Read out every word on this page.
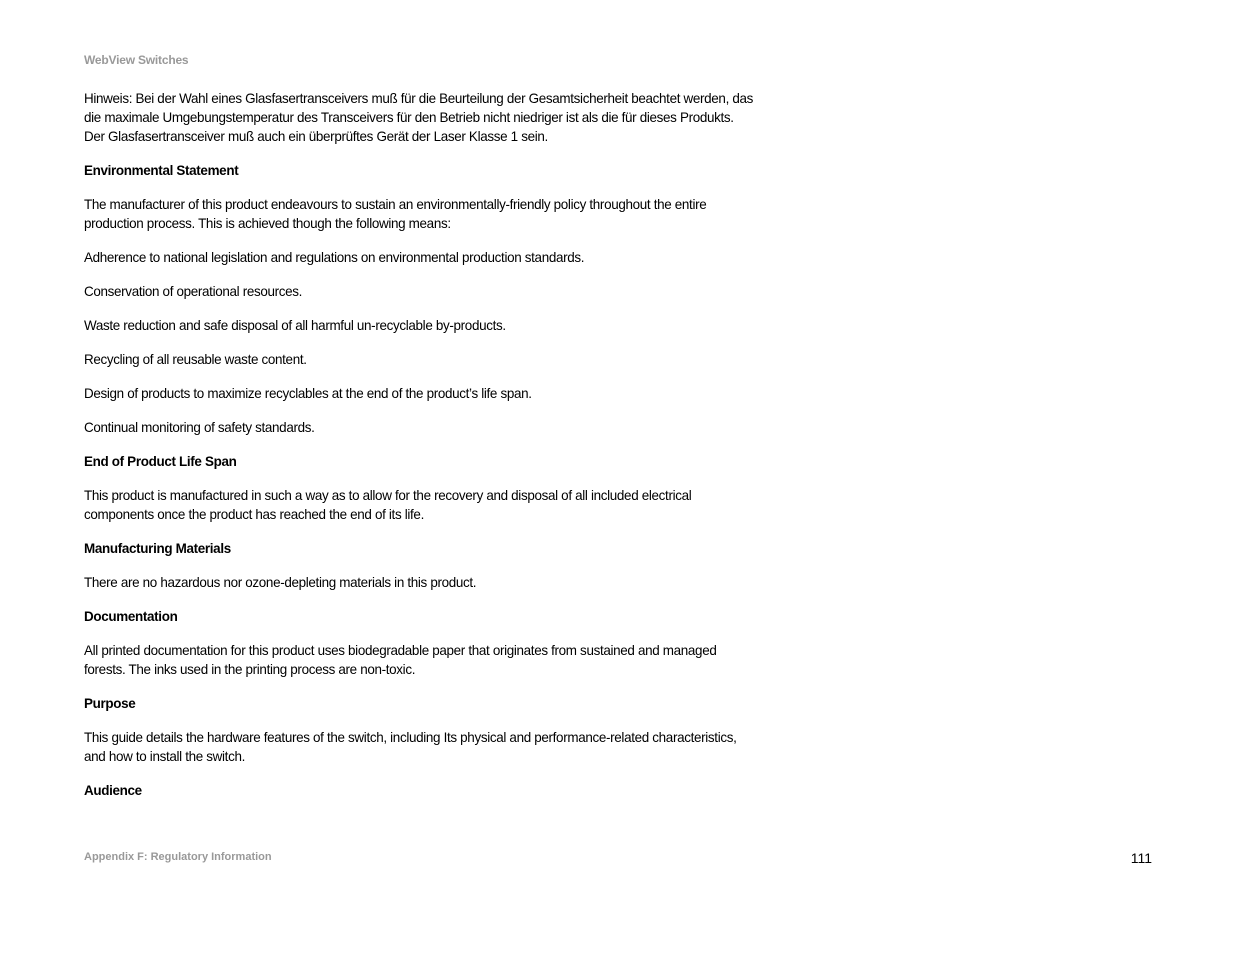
WebView Switches

Hinweis: Bei der Wahl eines Glasfasertransceivers muß für die Beurteilung der Gesamtsicherheit beachtet werden, das die maximale Umgebungstemperatur des Transceivers für den Betrieb nicht niedriger ist als die für dieses Produkts. Der Glasfasertransceiver muß auch ein überprüftes Gerät der Laser Klasse 1 sein.

Environmental Statement

The manufacturer of this product endeavours to sustain an environmentally-friendly policy throughout the entire production process. This is achieved though the following means:

Adherence to national legislation and regulations on environmental production standards.

Conservation of operational resources.

Waste reduction and safe disposal of all harmful un-recyclable by-products.

Recycling of all reusable waste content.

Design of products to maximize recyclables at the end of the product’s life span.

Continual monitoring of safety standards.

End of Product Life Span

This product is manufactured in such a way as to allow for the recovery and disposal of all included electrical components once the product has reached the end of its life.

Manufacturing Materials

There are no hazardous nor ozone-depleting materials in this product.

Documentation

All printed documentation for this product uses biodegradable paper that originates from sustained and managed forests. The inks used in the printing process are non-toxic.

Purpose

This guide details the hardware features of the switch, including Its physical and performance-related characteristics, and how to install the switch.

Audience

Appendix F: Regulatory Information	111
